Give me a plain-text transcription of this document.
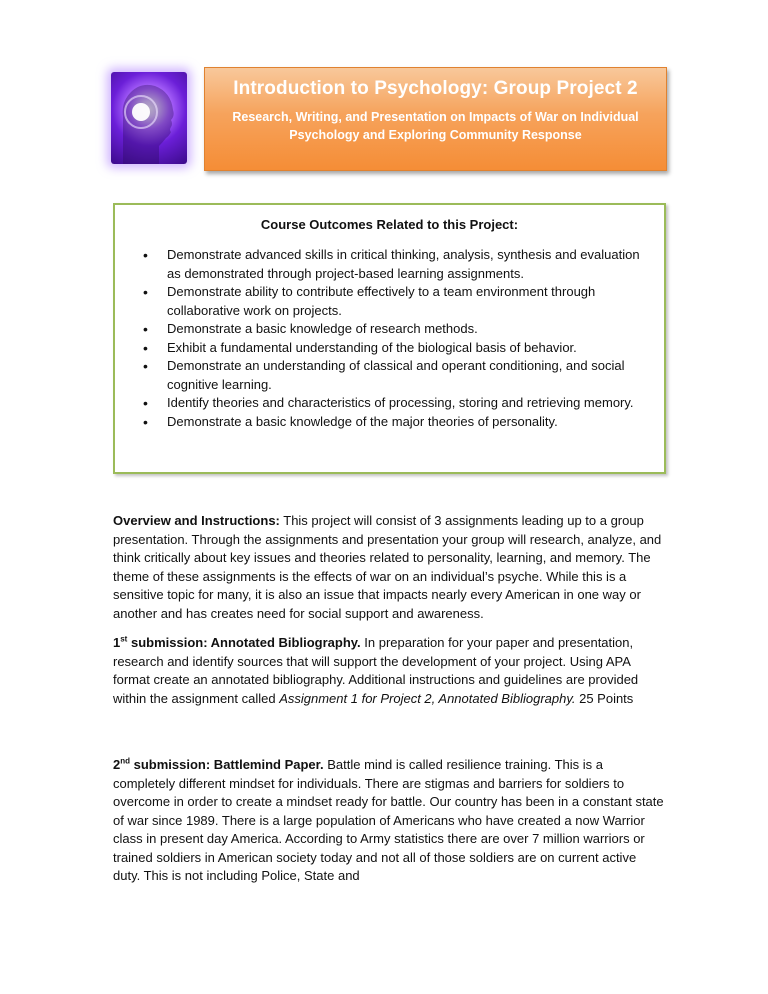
Introduction to Psychology: Group Project 2
Research, Writing, and Presentation on Impacts of War on Individual Psychology and Exploring Community Response
Course Outcomes Related to this Project:
• Demonstrate advanced skills in critical thinking, analysis, synthesis and evaluation as demonstrated through project-based learning assignments.
• Demonstrate ability to contribute effectively to a team environment through collaborative work on projects.
• Demonstrate a basic knowledge of research methods.
• Exhibit a fundamental understanding of the biological basis of behavior.
• Demonstrate an understanding of classical and operant conditioning, and social cognitive learning.
• Identify theories and characteristics of processing, storing and retrieving memory.
• Demonstrate a basic knowledge of the major theories of personality.
Overview and Instructions: This project will consist of 3 assignments leading up to a group presentation. Through the assignments and presentation your group will research, analyze, and think critically about key issues and theories related to personality, learning, and memory. The theme of these assignments is the effects of war on an individual’s psyche. While this is a sensitive topic for many, it is also an issue that impacts nearly every American in one way or another and has creates need for social support and awareness.
1st submission: Annotated Bibliography. In preparation for your paper and presentation, research and identify sources that will support the development of your project. Using APA format create an annotated bibliography. Additional instructions and guidelines are provided within the assignment called Assignment 1 for Project 2, Annotated Bibliography. 25 Points
2nd submission: Battlemind Paper. Battle mind is called resilience training. This is a completely different mindset for individuals. There are stigmas and barriers for soldiers to overcome in order to create a mindset ready for battle. Our country has been in a constant state of war since 1989. There is a large population of Americans who have created a now Warrior class in present day America. According to Army statistics there are over 7 million warriors or trained soldiers in American society today and not all of those soldiers are on current active duty. This is not including Police, State and
